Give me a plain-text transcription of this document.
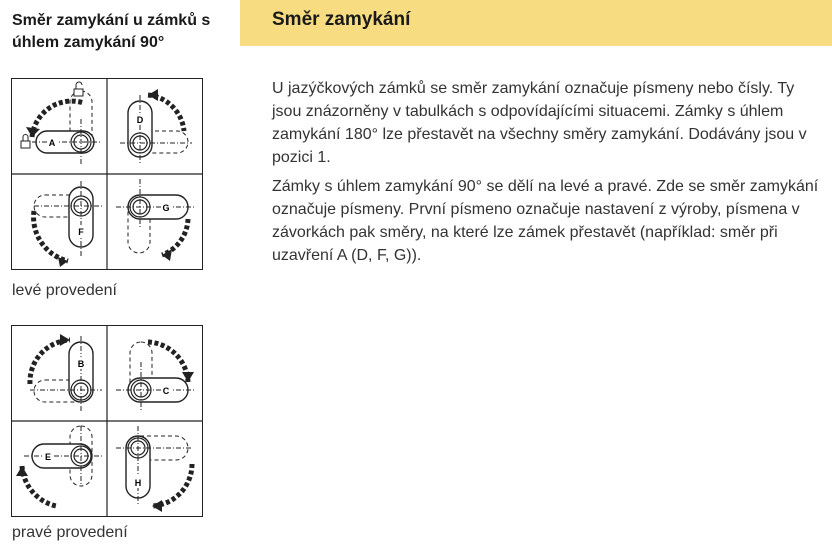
Směr zamykání u zámků s úhlem zamykání 90°
A
D
F
G
levé provedení
B
C
E
H
pravé provedení
Směr zamykání

U jazýčkových zámků se směr zamykání označuje písmeny nebo čísly. Ty jsou znázorněny v tabulkách s odpovídajícími situacemi. Zámky s úhlem zamykání 180° lze přestavět na všechny směry zamykání. Dodávány jsou v pozici 1.

Zámky s úhlem zamykání 90° se dělí na levé a pravé. Zde se směr zamykání označuje písmeny. První písmeno označuje nastavení z výroby, písmena v závorkách pak směry, na které lze zámek přestavět (například: směr při uzavření A (D, F, G)).
